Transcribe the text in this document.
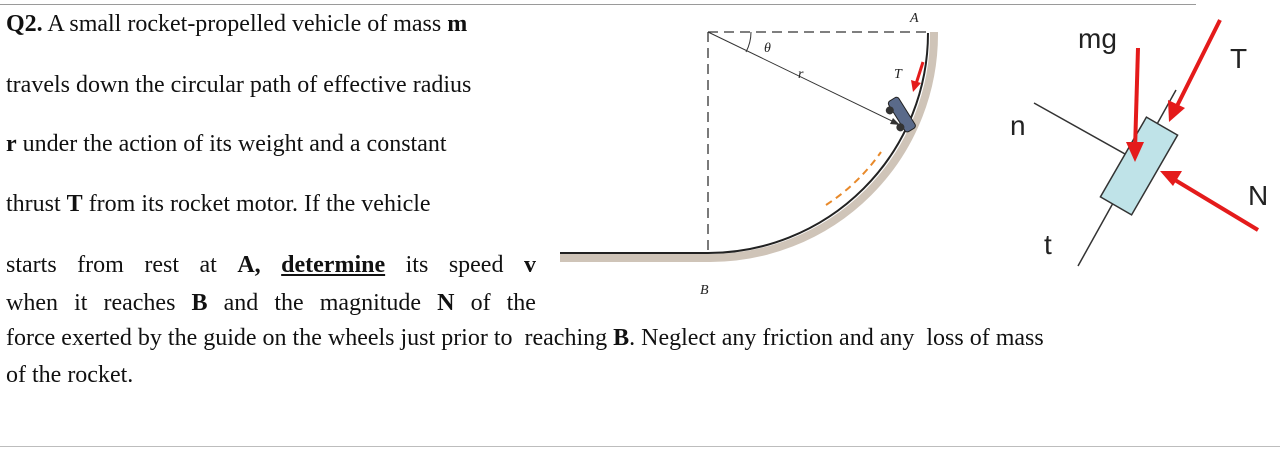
Q2. A small rocket-propelled vehicle of mass m
travels down the circular path of effective radius
r under the action of its weight and a constant
thrust T from its rocket motor. If the vehicle
starts from rest at A, determine its speed v
when it reaches B and the magnitude N of the
force exerted by the guide on the wheels just prior to  reaching B. Neglect any friction and any  loss of mass
of the rocket.
A
B
θ
r	T
mg
T
N
n
t
